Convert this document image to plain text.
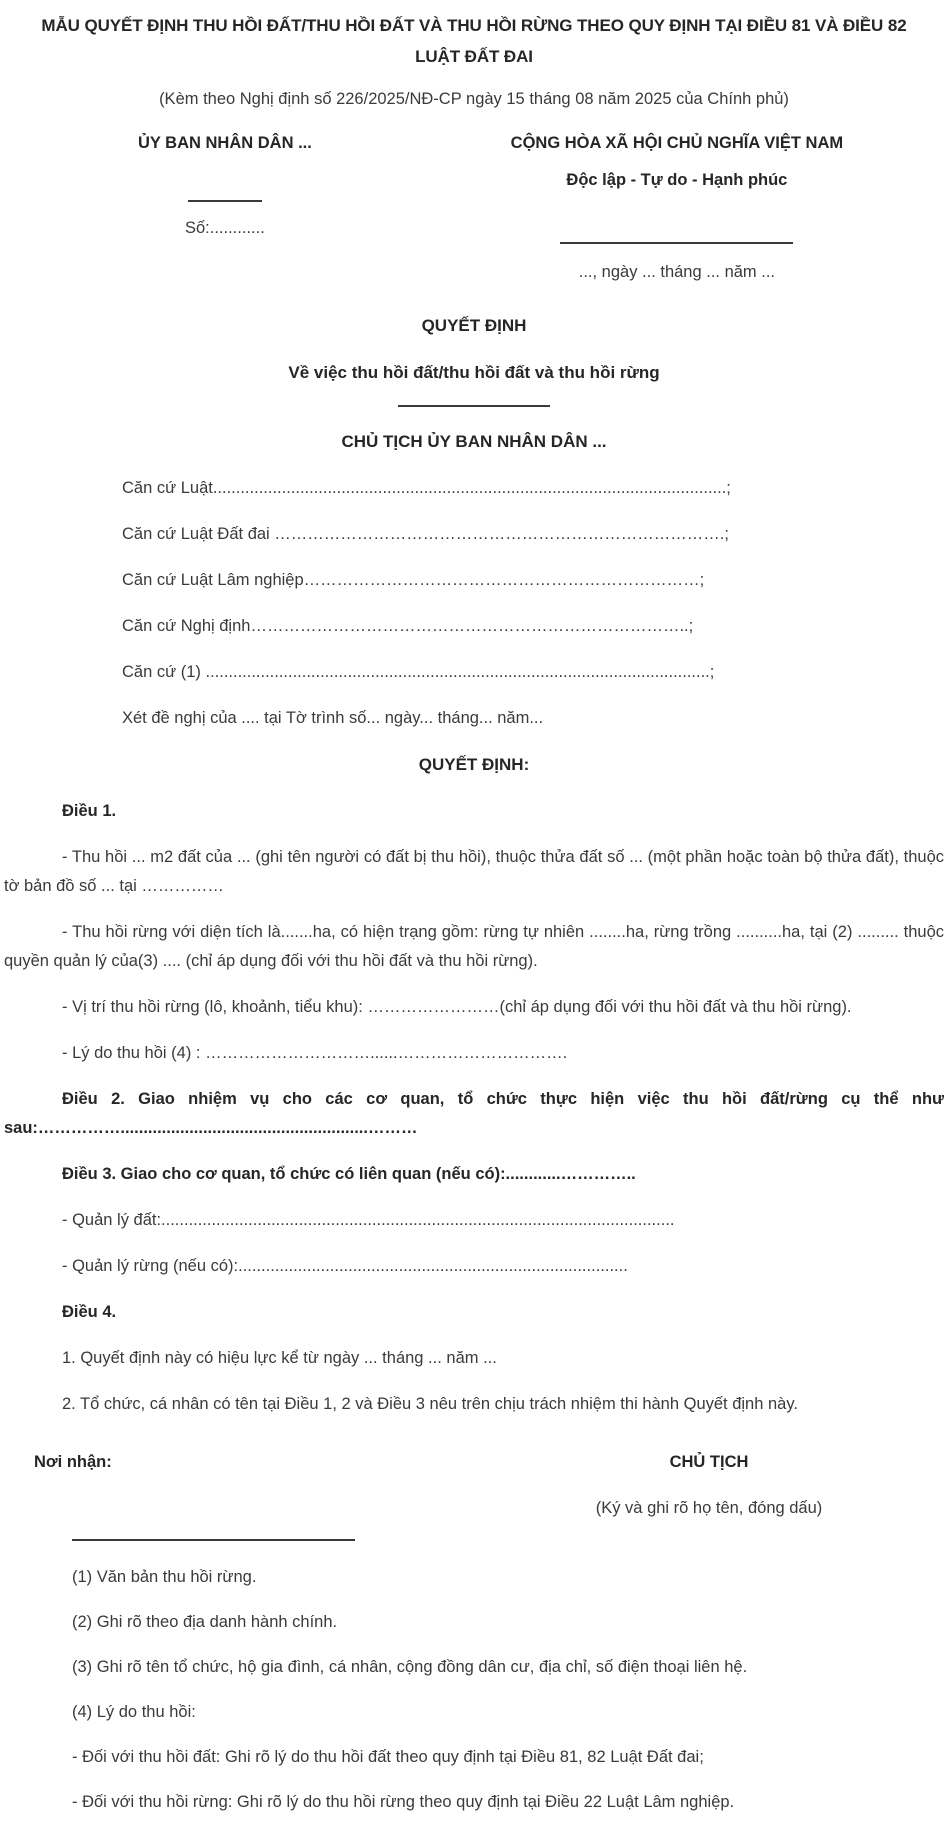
MẪU QUYẾT ĐỊNH THU HỒI ĐẤT/THU HỒI ĐẤT VÀ THU HỒI RỪNG THEO QUY ĐỊNH TẠI ĐIỀU 81 VÀ ĐIỀU 82 LUẬT ĐẤT ĐAI

(Kèm theo Nghị định số 226/2025/NĐ-CP ngày 15 tháng 08 năm 2025 của Chính phủ)

ỦY BAN NHÂN DÂN ...

Số:............

CỘNG HÒA XÃ HỘI CHỦ NGHĨA VIỆT NAM

Độc lập - Tự do - Hạnh phúc

..., ngày ... tháng ... năm ...

QUYẾT ĐỊNH

Về việc thu hồi đất/thu hồi đất và thu hồi rừng

CHỦ TỊCH ỦY BAN NHÂN DÂN ...

Căn cứ Luật................................................................................................................;

Căn cứ Luật Đất đai ……………………………………………………………………….;

Căn cứ Luật Lâm nghiệp………………………………………………………………;

Căn cứ Nghị định……………………………………………………………………..;

Căn cứ (1) ..............................................................................................................;

Xét đề nghị của .... tại Tờ trình số... ngày... tháng... năm...

QUYẾT ĐỊNH:

Điều 1.

- Thu hồi ... m2 đất của ... (ghi tên người có đất bị thu hồi), thuộc thửa đất số ... (một phần hoặc toàn bộ thửa đất), thuộc tờ bản đồ số ... tại ……………

- Thu hồi rừng với diện tích là.......ha, có hiện trạng gồm: rừng tự nhiên ........ha, rừng trồng ..........ha, tại (2) ......... thuộc quyền quản lý của(3) .... (chỉ áp dụng đối với thu hồi đất và thu hồi rừng).

- Vị trí thu hồi rừng (lô, khoảnh, tiểu khu): ……………………(chỉ áp dụng đối với thu hồi đất và thu hồi rừng).

- Lý do thu hồi (4) : …………………………......………………………….

Điều 2. Giao nhiệm vụ cho các cơ quan, tổ chức thực hiện việc thu hồi đất/rừng cụ thể như sau:……………......................................................………

Điều 3. Giao cho cơ quan, tổ chức có liên quan (nếu có):............…………..

- Quản lý đất:................................................................................................................

- Quản lý rừng (nếu có):.....................................................................................

Điều 4.

1. Quyết định này có hiệu lực kể từ ngày ... tháng ... năm ...

2. Tổ chức, cá nhân có tên tại Điều 1, 2 và Điều 3 nêu trên chịu trách nhiệm thi hành Quyết định này.

Nơi nhận:	CHỦ TỊCH

(Ký và ghi rõ họ tên, đóng dấu)

(1) Văn bản thu hồi rừng.

(2) Ghi rõ theo địa danh hành chính.

(3) Ghi rõ tên tổ chức, hộ gia đình, cá nhân, cộng đồng dân cư, địa chỉ, số điện thoại liên hệ.

(4) Lý do thu hồi:

- Đối với thu hồi đất: Ghi rõ lý do thu hồi đất theo quy định tại Điều 81, 82 Luật Đất đai;

- Đối với thu hồi rừng: Ghi rõ lý do thu hồi rừng theo quy định tại Điều 22 Luật Lâm nghiệp.
